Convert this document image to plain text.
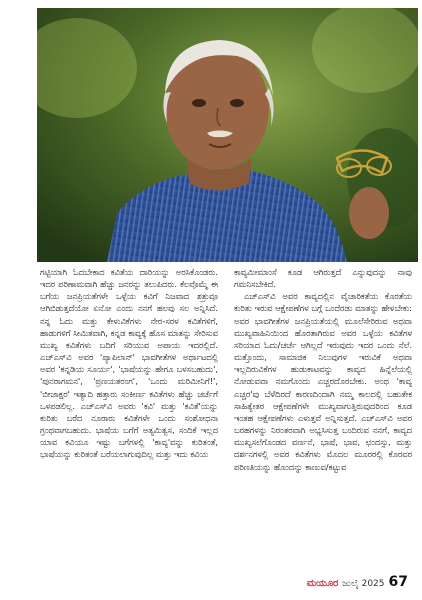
ಗಟ್ಟಿಯಾಗಿ ಓದಬೇಕಾದ ಕವಿತೆಯ ದಾರಿಯನ್ನು ಅರಸಿಕೊಂಡರು. ಇದರ ಪರಿಣಾಮವಾಗಿ ಹೆಚ್ಚು ಜನರನ್ನು ತಲುಪಿದರು. ಕೆಲವೊಮ್ಮೆ ಈ ಬಗೆಯ ಜನಪ್ರಿಯತೆಗಳೇ ಒಳ್ಳೆಯ ಕವಿಗೆ ನಿಜವಾದ ಶತ್ರುವೂ ಆಗಿಬಿಡುತ್ತದೆಯೋ ಏನೋ ಎಂದು ನನಗೆ ಹಲವು ಸಲ ಅನ್ನಿಸಿದೆ. ನನ್ನ ಓದು ಮತ್ತು ಕೇಳುವಿಕೆಗಳು ನೇರ-ಸರಳ ಕವಿತೆಗಳಿಗೆ, ಹಾಡುಗಳಿಗೆ ಸೀಮಿತವಾಗಿ, ಕನ್ನಡ ಕಾವ್ಯಕ್ಕೆ ಹೊಸ ಮಾತನ್ನು ಸೇರಿಸುವ ಮುಖ್ಯ ಕವಿತೆಗಳು ಬದಿಗೆ ಸರಿಯುವ ಅಪಾಯ ಇದರಲ್ಲಿದೆ. ಎಚ್‌ಎಸ್‌ವಿ ಅವರ 'ಪ್ಯಾಪಿಲಾನ್' ಭಾವಗೀತೆಗಳ ಅರ್ಥಾಟದಲ್ಲಿ ಅವರ 'ಕನ್ನಡಿಯ ಸೂರ್ಯ', 'ಭಾಷೆಯನ್ನು ಹೇಗೂ ಬಳಸಬಹುದು', 'ಪುನರಾಗಮನ', 'ಪ್ರಣಯತರಂಗ', 'ಒಂದು ಮರಿಮೀನಿಗೆ!', 'ಬೀಜಾಕ್ಷರ' ಇತ್ಯಾದಿ ಹತ್ತಾರು ಸಂಕೀರ್ಣ ಕವಿತೆಗಳು ಹೆಚ್ಚು ಚರ್ಚೆಗೆ ಒಳಪಡಲಿಲ್ಲ. ಎಚ್‌ಎಸ್‌ವಿ ಅವರು 'ಕವಿ' ಮತ್ತು 'ಕವಿತೆ'ಯನ್ನು ಕುರಿತು ಬರೆದ ನೂರಾರು ಕವಿತೆಗಳೇ ಒಂದು ಸಂಶೋಧನಾ ಗ್ರಂಥವಾಗಬಹುದು. ಭಾಷೆಯ ಬಗೆಗೆ ಅತ್ಯಮಿತ್ವಸ, ಸಂದಿಕೆ ಇಲ್ಲದ ಯಾವ ಕವಿಯೂ ಇಷ್ಟು ಬಗೆಗಳಲ್ಲಿ 'ಕಾವ್ಯ'ವನ್ನು ಕುರಿತಂತೆ, ಭಾಷೆಯನ್ನು ಕುರಿತಂತೆ ಬರೆಯಲಾಗುವುದಿಲ್ಲ ಮತ್ತು ಇದು ಕವಿಯ

ಕಾವ್ಯಮೀಮಾಂಸೆ ಕೂಡ ಆಗಿರುತ್ತದೆ ಎನ್ನುವುದನ್ನು ನಾವು ಗಮನಿಸಬೇಕಿದೆ.

ಎಚ್‌ಎಸ್‌ವಿ ಅವರ ಕಾವ್ಯದಲ್ಲಿನ ವೈಚಾರಿಕತೆಯ ಕೊರತೆಯ ಕುರಿತು ಇರುವ ಆಕ್ಷೇಪಣೆಗಳ ಬಗ್ಗೆ ಒಂದೆರಡು ಮಾತನ್ನು ಹೇಳಬೇಕು: ಅವರ ಭಾವಗೀತೆಗಳ ಜನಪ್ರಿಯತೆಯಲ್ಲಿ ಮೂಲೆಸೇರಿರುವ ಅಥವಾ ಮುಖ್ಯವಾಹಿನಿಯಿಂದ ಹೊರತಾಗಿರುವ ಅವರ ಒಳ್ಳೆಯ ಕವಿತೆಗಳ ಸರಿಯಾದ ಓದು/ಚರ್ಚೆ ಆಗಿಲ್ಲದೆ ಇರುವುದು ಇದರ ಒಂದು ನೆಲೆ. ಮತ್ತೊಂದು, ಸಾಮಾಜಿಕ ನಿಲುವುಗಳ ಇರುವಿಕೆ ಅಥವಾ ಇಲ್ಲದಿರುವಿಕೆಗಳ ಹುಡುಕಾಟವನ್ನು ಕಾವ್ಯದ ಹಿನ್ನೆಲೆಯಲ್ಲಿ ನೋಡುವವಾ ನಮಗೊಂದು ಎಚ್ಚರದೊರಬೇಕು. ಅಂಥ 'ಕಾವ್ಯ ಎಚ್ಚರ'ವು ಬೆಳೆದಿರದೆ ಕಾರಣದಿಂದಾಗಿ ನಮ್ಮ ಕಾಲದಲ್ಲಿ ಬಹುತೇಕ ಸಾಹಿತ್ಯೇತರ ಆಕ್ಷೇಪಣೆಗಳೇ ಮುಖ್ಯವಾಗುತ್ತಿರುವುದರಿಂದ ಕೂಡ ಇಂತಹ ಆಕ್ಷೇಪಣೆಗಳು ಎಳುತ್ತವೆ ಅನ್ನಿಸುತ್ತದೆ. ಎಚ್‌ಎಸ್‌ವಿ ಅವರ ಬರಹಗಳನ್ನು ನಿರಂತರವಾಗಿ ಅಭ್ಯಸಿಸುತ್ತ ಬಂದಿರುವ ನನಗೆ, ಕಾವ್ಯದ ಮುಖ್ಯಸಲೆಗೊಂಡದ ವರ್ಣನೆ, ಭಾಷೆ, ಭಾವ, ಛಂದಸ್ಸು, ಮತ್ತು ದರ್ಶನಗಳಲ್ಲಿ ಅವರ ಕವಿತೆಗಳು ಮೊದಲ ಮೂರರಲ್ಲಿ ಕೊರವರ ಪರಿಣತಿಯನ್ನು ಹೊಂದನ್ನು ಕಾಣುವ/ಕಟ್ಟುವ

ಮಯೂರ ಜುಲೈ 2025 67
